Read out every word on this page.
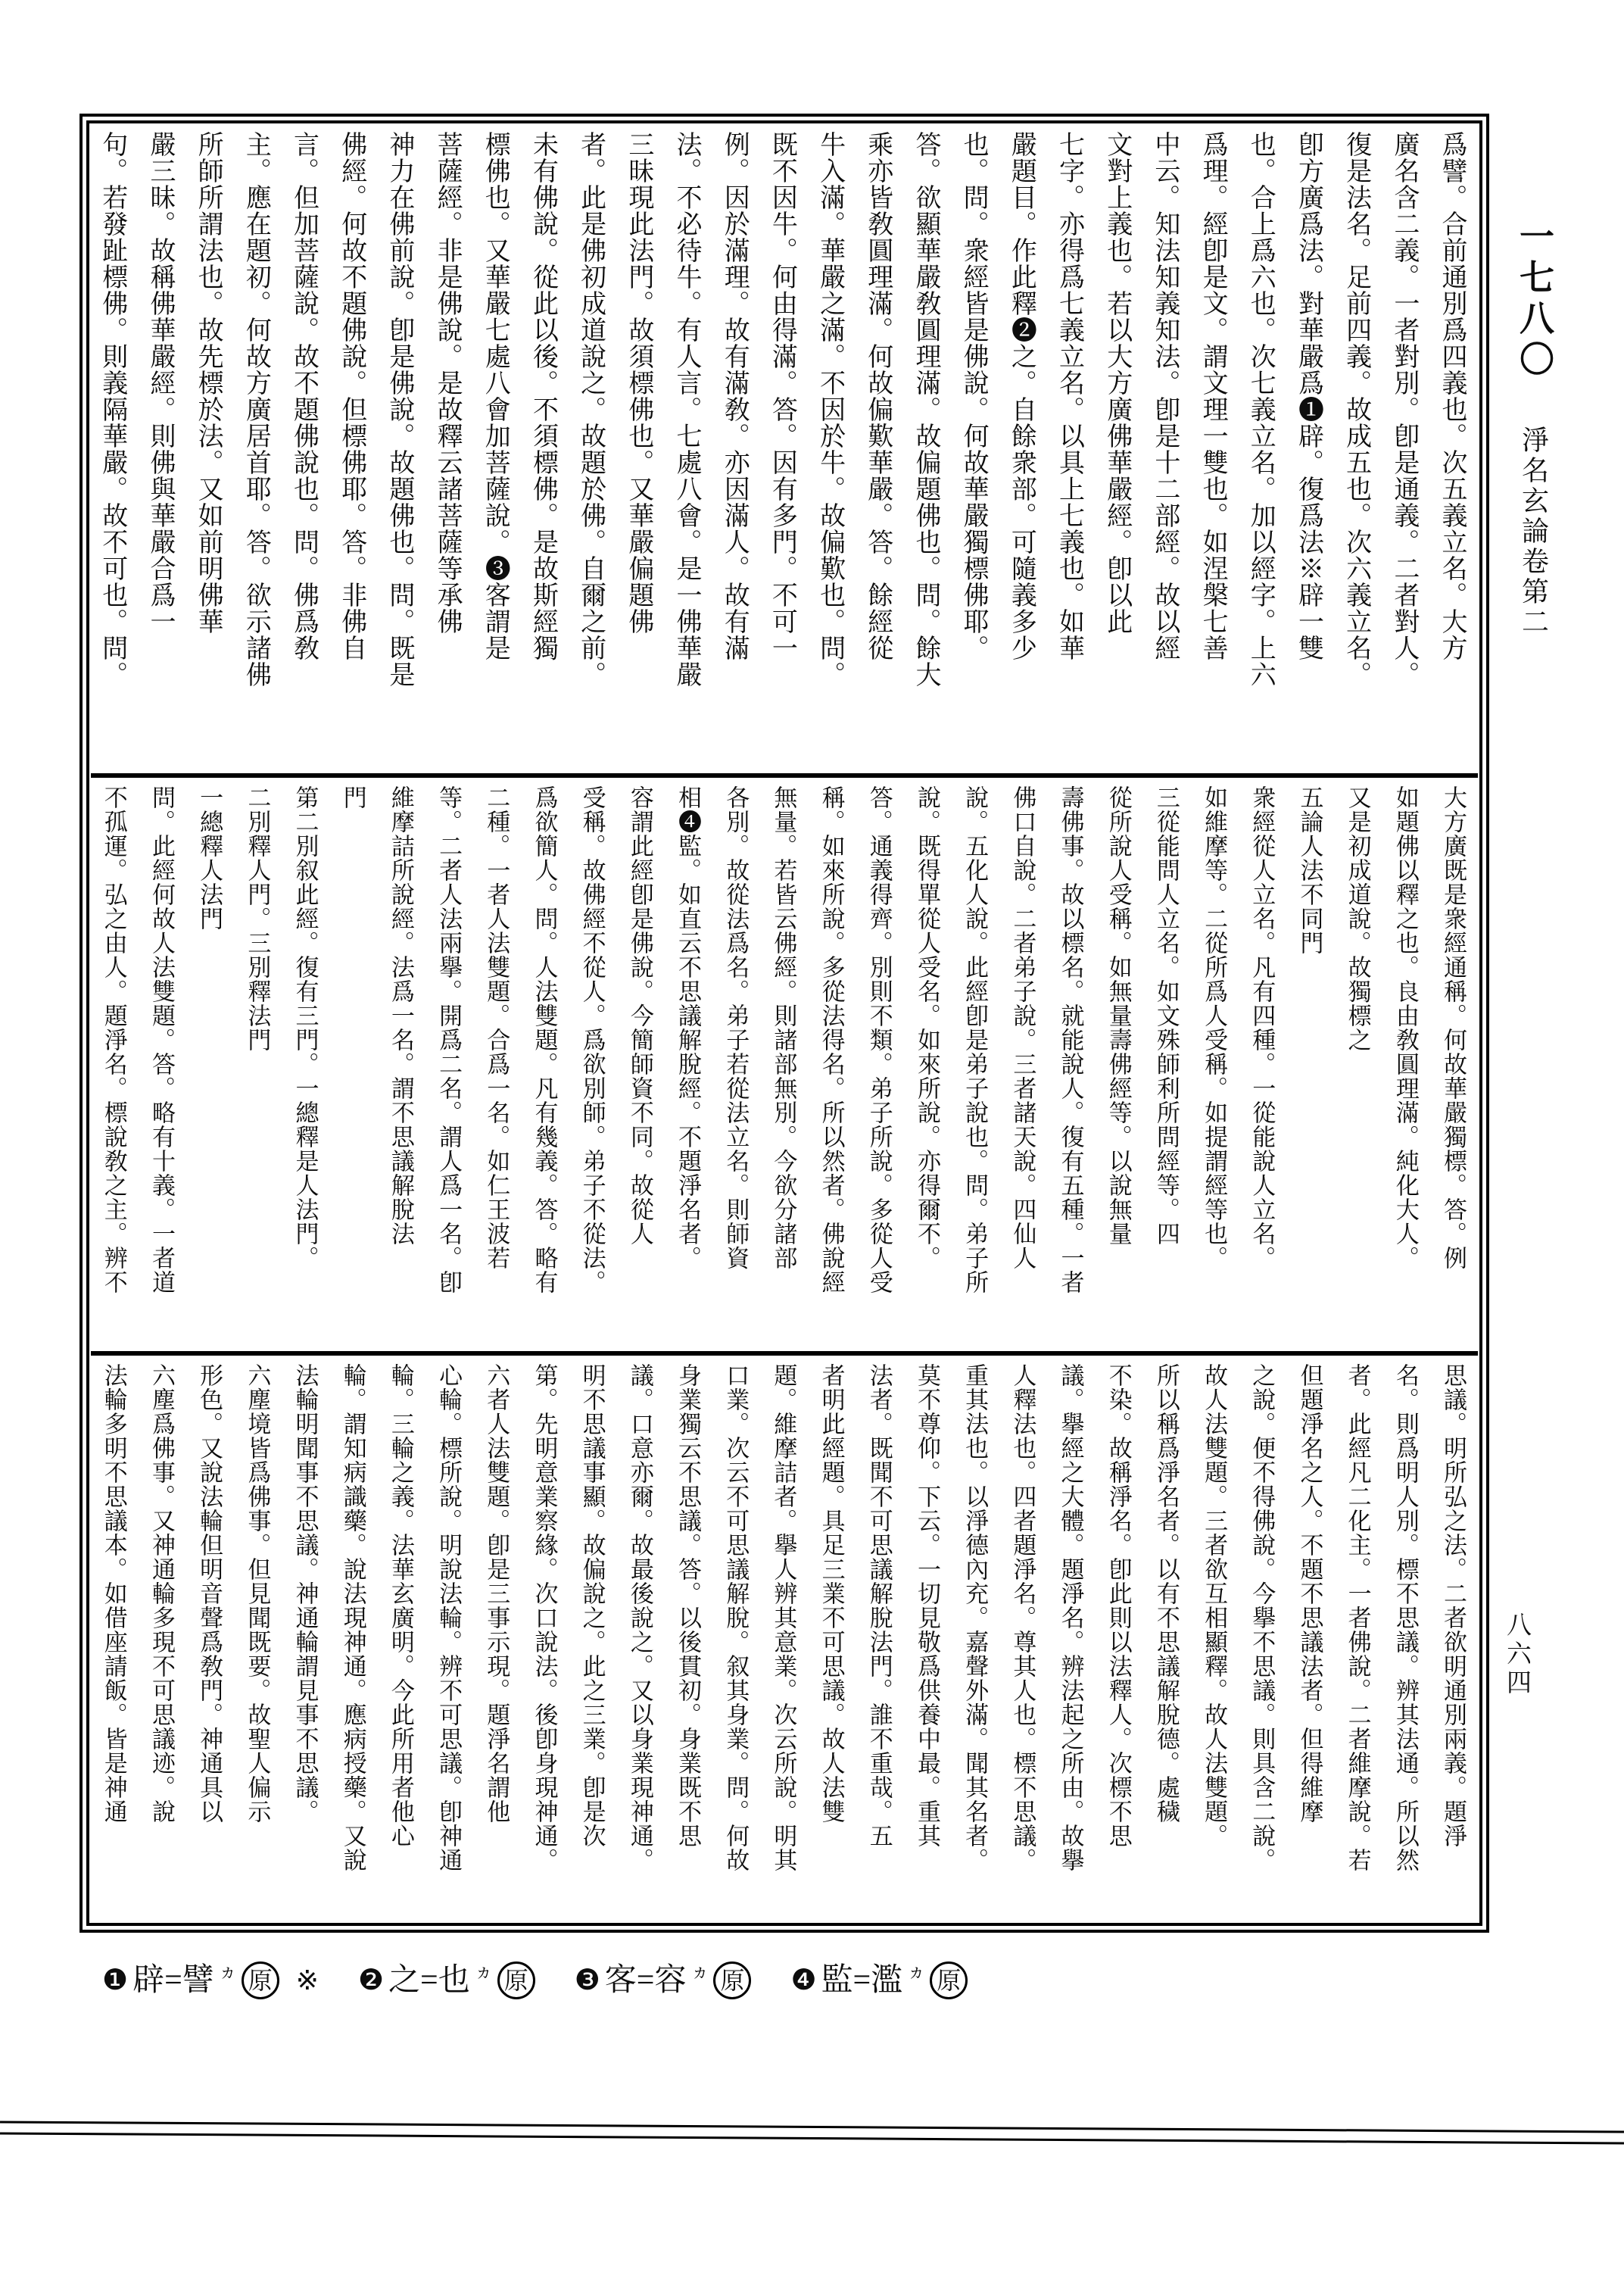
一七八〇
淨名玄論卷第二
八六四
爲譬。合前通別爲四義也。次五義立名。大方
廣名含二義。一者對別。卽是通義。二者對人。
復是法名。足前四義。故成五也。次六義立名。
卽方廣爲法。對華嚴爲❶辟。復爲法※辟一雙
也。合上爲六也。次七義立名。加以經字。上六
爲理。經卽是文。謂文理一雙也。如涅槃七善
中云。知法知義知法。卽是十二部經。故以經
文對上義也。若以大方廣佛華嚴經。卽以此
七字。亦得爲七義立名。以具上七義也。如華
嚴題目。作此釋❷之。自餘衆部。可隨義多少
也。問。衆經皆是佛說。何故華嚴獨標佛耶。
答。欲顯華嚴敎圓理滿。故偏題佛也。問。餘大
乘亦皆敎圓理滿。何故偏歎華嚴。答。餘經從
牛入滿。華嚴之滿。不因於牛。故偏歎也。問。
既不因牛。何由得滿。答。因有多門。不可一
例。因於滿理。故有滿敎。亦因滿人。故有滿
法。不必待牛。有人言。七處八會。是一佛華嚴
三昧現此法門。故須標佛也。又華嚴偏題佛
者。此是佛初成道說之。故題於佛。自爾之前。
未有佛說。從此以後。不須標佛。是故斯經獨
標佛也。又華嚴七處八會加菩薩說。❸客謂是
菩薩經。非是佛說。是故釋云諸菩薩等承佛
神力在佛前說。卽是佛說。故題佛也。問。既是
佛經。何故不題佛說。但標佛耶。答。非佛自
言。但加菩薩說。故不題佛說也。問。佛爲敎
主。應在題初。何故方廣居首耶。答。欲示諸佛
所師所謂法也。故先標於法。又如前明佛華
嚴三昧。故稱佛華嚴經。則佛與華嚴合爲一
句。若發趾標佛。則義隔華嚴。故不可也。問。
大方廣既是衆經通稱。何故華嚴獨標。答。例
如題佛以釋之也。良由敎圓理滿。純化大人。
又是初成道說。故獨標之
五論人法不同門
衆經從人立名。凡有四種。一從能說人立名。
如維摩等。二從所爲人受稱。如提謂經等也。
三從能問人立名。如文殊師利所問經等。四
從所說人受稱。如無量壽佛經等。以說無量
壽佛事。故以標名。就能說人。復有五種。一者
佛口自說。二者弟子說。三者諸天說。四仙人
說。五化人說。此經卽是弟子說也。問。弟子所
說。既得單從人受名。如來所說。亦得爾不。
答。通義得齊。別則不類。弟子所說。多從人受
稱。如來所說。多從法得名。所以然者。佛說經
無量。若皆云佛經。則諸部無別。今欲分諸部
各別。故從法爲名。弟子若從法立名。則師資
相❹監。如直云不思議解脫經。不題淨名者。
容謂此經卽是佛說。今簡師資不同。故從人
受稱。故佛經不從人。爲欲別師。弟子不從法。
爲欲簡人。問。人法雙題。凡有幾義。答。略有
二種。一者人法雙題。合爲一名。如仁王波若
等。二者人法兩擧。開爲二名。謂人爲一名。卽
維摩詰所說經。法爲一名。謂不思議解脫法
門
第二別叙此經。復有三門。一總釋是人法門。
二別釋人門。三別釋法門
一總釋人法門
問。此經何故人法雙題。答。略有十義。一者道
不孤運。弘之由人。題淨名。標說敎之主。辨不
思議。明所弘之法。二者欲明通別兩義。題淨
名。則爲明人別。標不思議。辨其法通。所以然
者。此經凡二化主。一者佛說。二者維摩說。若
但題淨名之人。不題不思議法者。但得維摩
之說。便不得佛說。今擧不思議。則具含二說。
故人法雙題。三者欲互相顯釋。故人法雙題。
所以稱爲淨名者。以有不思議解脫德。處穢
不染。故稱淨名。卽此則以法釋人。次標不思
議。擧經之大體。題淨名。辨法起之所由。故擧
人釋法也。四者題淨名。尊其人也。標不思議。
重其法也。以淨德內充。嘉聲外滿。聞其名者。
莫不尊仰。下云。一切見敬爲供養中最。重其
法者。既聞不可思議解脫法門。誰不重哉。五
者明此經題。具足三業不可思議。故人法雙
題。維摩詰者。擧人辨其意業。次云所說。明其
口業。次云不可思議解脫。叙其身業。問。何故
身業獨云不思議。答。以後貫初。身業既不思
議。口意亦爾。故最後說之。又以身業現神通。
明不思議事顯。故偏說之。此之三業。卽是次
第。先明意業察緣。次口說法。後卽身現神通。
六者人法雙題。卽是三事示現。題淨名謂他
心輪。標所說。明說法輪。辨不可思議。卽神通
輪。三輪之義。法華玄廣明。今此所用者他心
輪。謂知病識藥。說法現神通。應病授藥。又說
法輪明聞事不思議。神通輪謂見事不思議。
六塵境皆爲佛事。但見聞既要。故聖人偏示
形色。又說法輪但明音聲爲敎門。神通具以
六塵爲佛事。又神通輪多現不可思議迹。說
法輪多明不思議本。如借座請飯。皆是神通
❶ 辟=譬 ヵ 原 ※ ❷ 之=也 ヵ 原 ❸ 客=容 ヵ 原 ❹ 監=濫 ヵ 原
